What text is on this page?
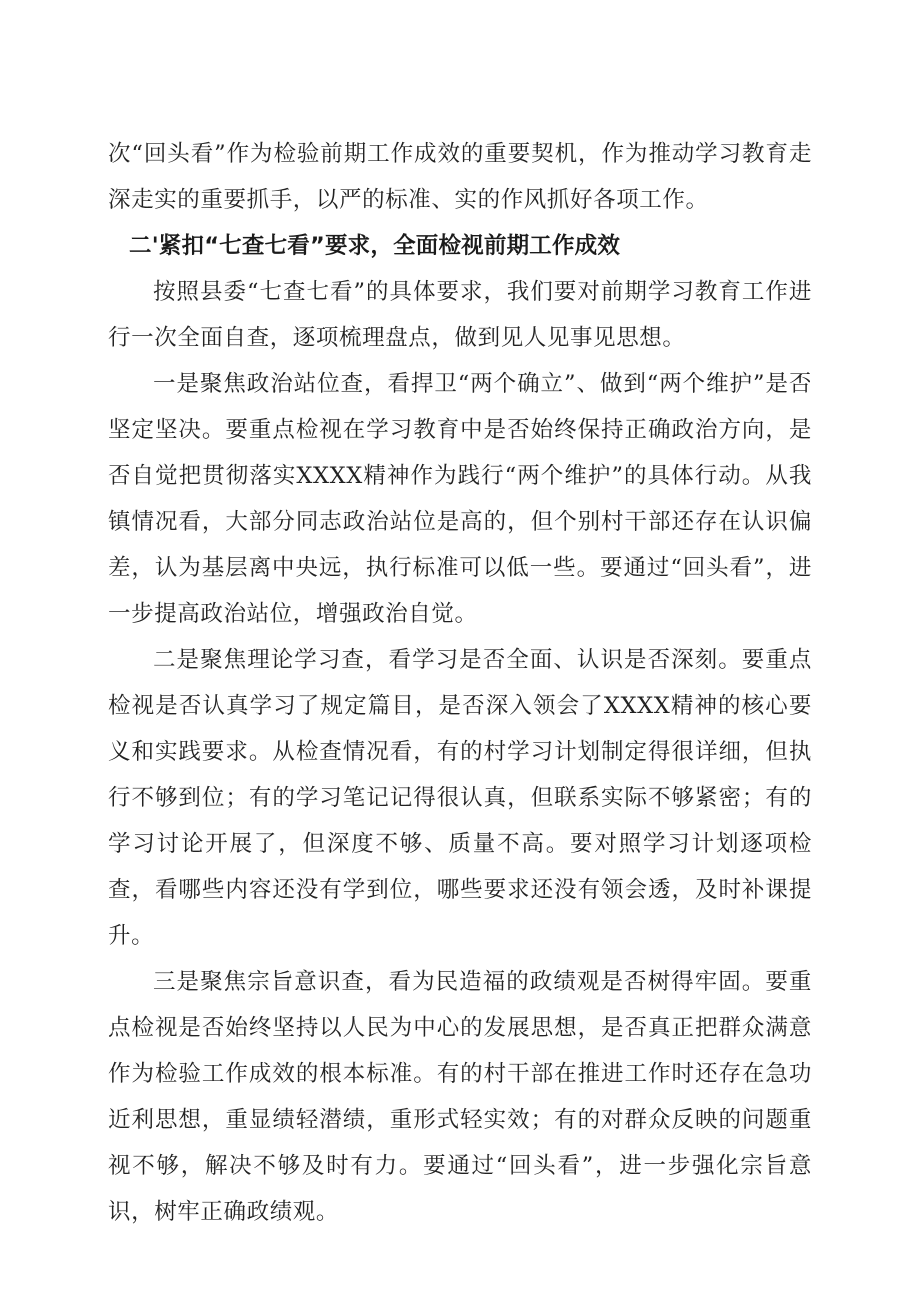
次“回头看”作为检验前期工作成效的重要契机，作为推动学习教育走深走实的重要抓手，以严的标准、实的作风抓好各项工作。

二'紧扣“七查七看”要求，全面检视前期工作成效

按照县委“七查七看”的具体要求，我们要对前期学习教育工作进行一次全面自查，逐项梳理盘点，做到见人见事见思想。

一是聚焦政治站位查，看捍卫“两个确立”、做到“两个维护”是否坚定坚决。要重点检视在学习教育中是否始终保持正确政治方向，是否自觉把贯彻落实XXXX精神作为践行“两个维护”的具体行动。从我镇情况看，大部分同志政治站位是高的，但个别村干部还存在认识偏差，认为基层离中央远，执行标准可以低一些。要通过“回头看”，进一步提高政治站位，增强政治自觉。

二是聚焦理论学习查，看学习是否全面、认识是否深刻。要重点检视是否认真学习了规定篇目，是否深入领会了XXXX精神的核心要义和实践要求。从检查情况看，有的村学习计划制定得很详细，但执行不够到位；有的学习笔记记得很认真，但联系实际不够紧密；有的学习讨论开展了，但深度不够、质量不高。要对照学习计划逐项检查，看哪些内容还没有学到位，哪些要求还没有领会透，及时补课提升。

三是聚焦宗旨意识查，看为民造福的政绩观是否树得牢固。要重点检视是否始终坚持以人民为中心的发展思想，是否真正把群众满意作为检验工作成效的根本标准。有的村干部在推进工作时还存在急功近利思想，重显绩轻潜绩，重形式轻实效；有的对群众反映的问题重视不够，解决不够及时有力。要通过“回头看”，进一步强化宗旨意识，树牢正确政绩观。
